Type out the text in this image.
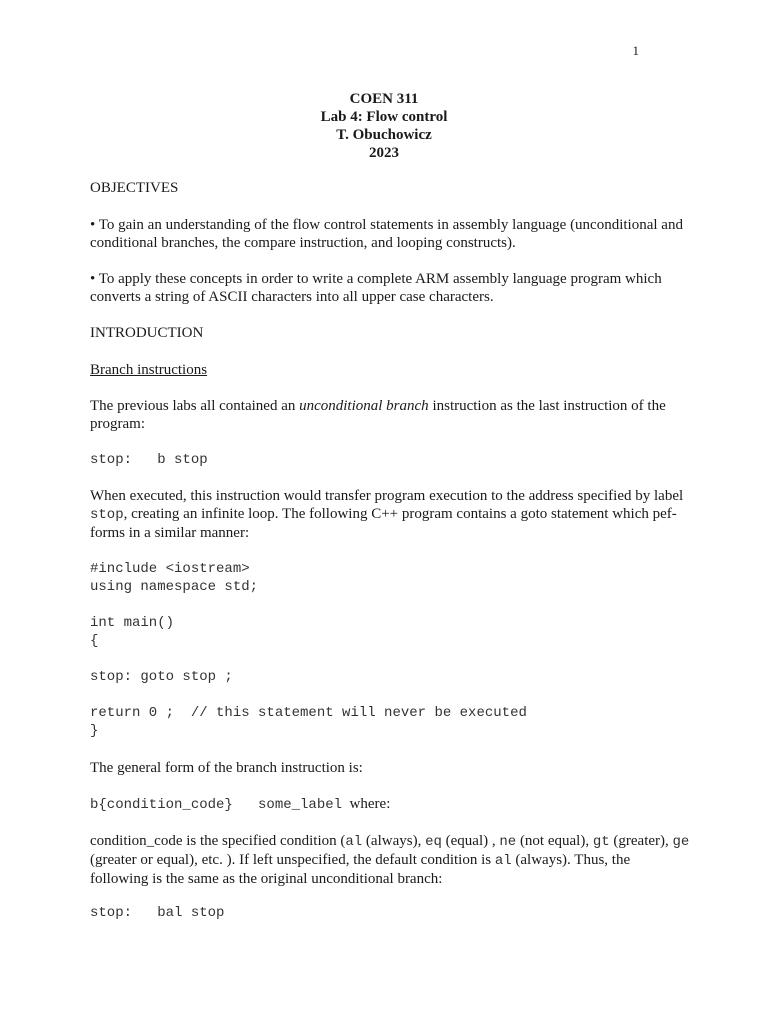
1
COEN 311
Lab 4: Flow control
T. Obuchowicz
2023
OBJECTIVES
• To gain an understanding of the flow control statements in assembly language (unconditional and conditional branches, the compare instruction, and looping constructs).
• To apply these concepts in order to write a complete ARM assembly language program which converts a string of ASCII characters into all upper case characters.
INTRODUCTION
Branch instructions
The previous labs all contained an unconditional branch instruction as the last instruction of the program:
stop:   b stop
When executed, this instruction would transfer program execution to the address specified by label stop, creating an infinite loop. The following C++ program contains a goto statement which pef-forms in a similar manner:
#include <iostream>
using namespace std;
int main()
{
stop: goto stop ;
return 0 ;  // this statement will never be executed
}
The general form of the branch instruction is:
b{condition_code}   some_label where:
condition_code is the specified condition (al (always), eq (equal) , ne (not equal), gt (greater), ge (greater or equal), etc. ). If left unspecified, the default condition is al (always). Thus, the following is the same as the original unconditional branch:
stop:   bal stop
